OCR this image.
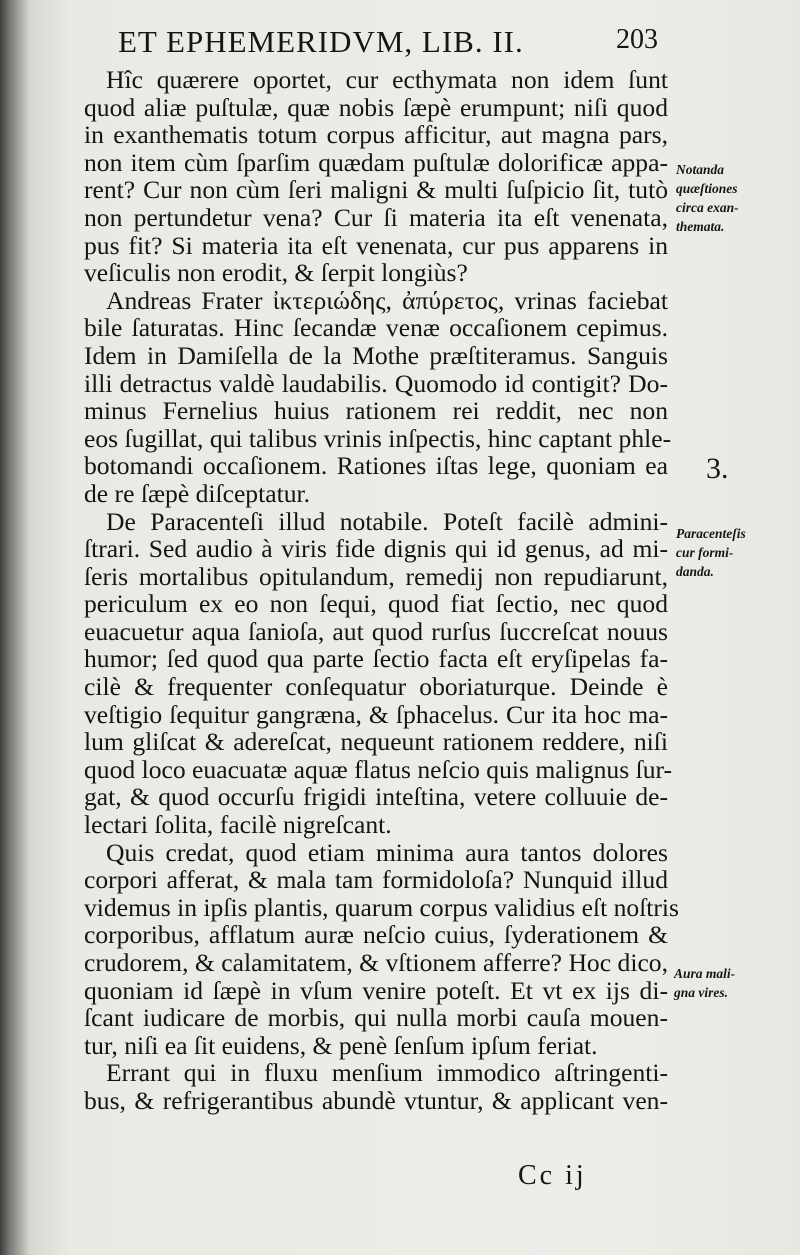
ET EPHEMERIDVM, LIB. II.	203
Hîc quærere oportet, cur ecthymata non idem ſunt
quod aliæ puſtulæ, quæ nobis ſæpè erumpunt; niſi quod
in exanthematis totum corpus afficitur, aut magna pars,
non item cùm ſparſim quædam puſtulæ dolorificæ appa-
rent? Cur non cùm ſeri maligni & multi ſuſpicio ſit, tutò
non pertundetur vena? Cur ſi materia ita eſt venenata,
pus fit? Si materia ita eſt venenata, cur pus apparens in
veſiculis non erodit, & ſerpit longiùs?
Andreas Frater ἰκτεριώδης, ἀπύρετος, vrinas faciebat
bile ſaturatas. Hinc ſecandæ venæ occaſionem cepimus.
Idem in Damiſella de la Mothe præſtiteramus. Sanguis
illi detractus valdè laudabilis. Quomodo id contigit? Do-
minus Fernelius huius rationem rei reddit, nec non
eos ſugillat, qui talibus vrinis inſpectis, hinc captant phle-
botomandi occaſionem. Rationes iſtas lege, quoniam ea
de re ſæpè diſceptatur.
De Paracenteſi illud notabile. Poteſt facilè admini-
ſtrari. Sed audio à viris fide dignis qui id genus, ad mi-
ſeris mortalibus opitulandum, remedij non repudiarunt,
periculum ex eo non ſequi, quod fiat ſectio, nec quod
euacuetur aqua ſanioſa, aut quod rurſus ſuccreſcat nouus
humor; ſed quod qua parte ſectio facta eſt eryſipelas fa-
cilè & frequenter conſequatur oboriaturque. Deinde è
veſtigio ſequitur gangræna, & ſphacelus. Cur ita hoc ma-
lum gliſcat & adereſcat, nequeunt rationem reddere, niſi
quod loco euacuatæ aquæ flatus neſcio quis malignus ſur-
gat, & quod occurſu frigidi inteſtina, vetere colluuie de-
lectari ſolita, facilè nigreſcant.
Quis credat, quod etiam minima aura tantos dolores
corpori afferat, & mala tam formidoloſa? Nunquid illud
videmus in ipſis plantis, quarum corpus validius eſt noſtris
corporibus, afflatum auræ neſcio cuius, ſyderationem &
crudorem, & calamitatem, & vſtionem afferre? Hoc dico,
quoniam id ſæpè in vſum venire poteſt. Et vt ex ijs di-
ſcant iudicare de morbis, qui nulla morbi cauſa mouen-
tur, niſi ea ſit euidens, & penè ſenſum ipſum feriat.
Errant qui in fluxu menſium immodico aſtringenti-
bus, & refrigerantibus abundè vtuntur, & applicant ven-
Notanda
quæſtiones
circa exan-
themata.
3.
Paracenteſis
cur formi-
danda.
Aura mali-
gna vires.
Cc ij
